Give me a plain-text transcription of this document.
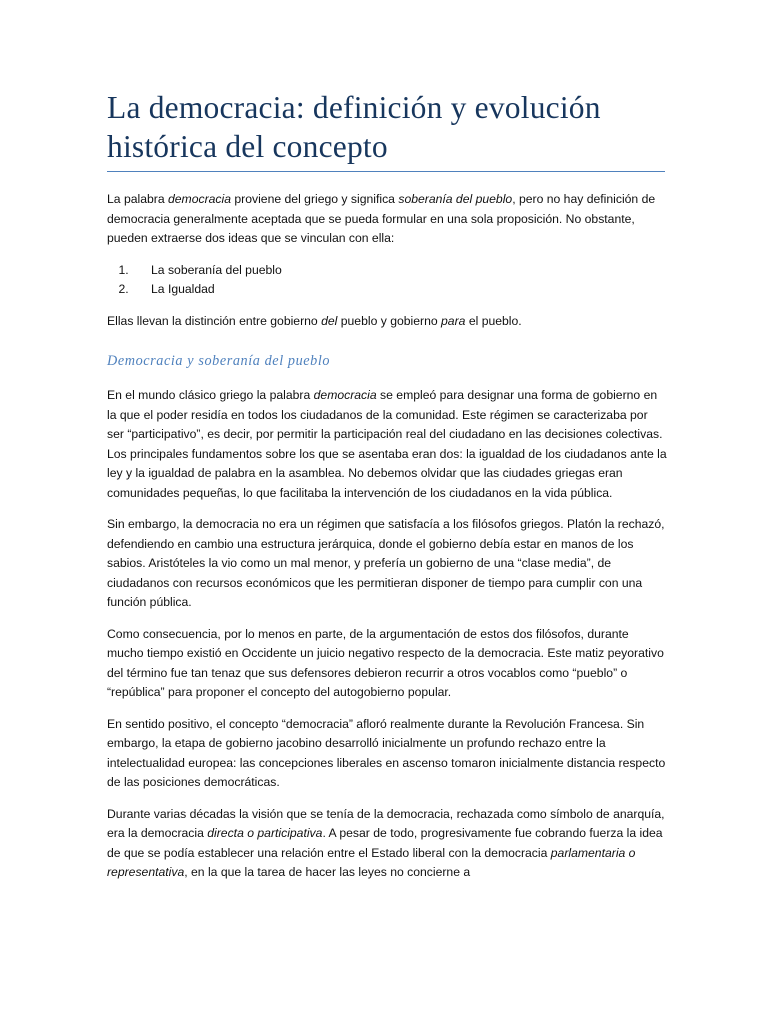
La democracia: definición y evolución histórica del concepto

La palabra democracia proviene del griego y significa soberanía del pueblo, pero no hay definición de democracia generalmente aceptada que se pueda formular en una sola proposición. No obstante, pueden extraerse dos ideas que se vinculan con ella:

1. La soberanía del pueblo
2. La Igualdad

Ellas llevan la distinción entre gobierno del pueblo y gobierno para el pueblo.

Democracia y soberanía del pueblo

En el mundo clásico griego la palabra democracia se empleó para designar una forma de gobierno en la que el poder residía en todos los ciudadanos de la comunidad. Este régimen se caracterizaba por ser “participativo”, es decir, por permitir la participación real del ciudadano en las decisiones colectivas. Los principales fundamentos sobre los que se asentaba eran dos: la igualdad de los ciudadanos ante la ley y la igualdad de palabra en la asamblea. No debemos olvidar que las ciudades griegas eran comunidades pequeñas, lo que facilitaba la intervención de los ciudadanos en la vida pública.

Sin embargo, la democracia no era un régimen que satisfacía a los filósofos griegos. Platón la rechazó, defendiendo en cambio una estructura jerárquica, donde el gobierno debía estar en manos de los sabios. Aristóteles la vio como un mal menor, y prefería un gobierno de una “clase media”, de ciudadanos con recursos económicos que les permitieran disponer de tiempo para cumplir con una función pública.

Como consecuencia, por lo menos en parte, de la argumentación de estos dos filósofos, durante mucho tiempo existió en Occidente un juicio negativo respecto de la democracia. Este matiz peyorativo del término fue tan tenaz que sus defensores debieron recurrir a otros vocablos como “pueblo” o “república” para proponer el concepto del autogobierno popular.

En sentido positivo, el concepto “democracia” afloró realmente durante la Revolución Francesa. Sin embargo, la etapa de gobierno jacobino desarrolló inicialmente un profundo rechazo entre la intelectualidad europea: las concepciones liberales en ascenso tomaron inicialmente distancia respecto de las posiciones democráticas.

Durante varias décadas la visión que se tenía de la democracia, rechazada como símbolo de anarquía, era la democracia directa o participativa. A pesar de todo, progresivamente fue cobrando fuerza la idea de que se podía establecer una relación entre el Estado liberal con la democracia parlamentaria o representativa, en la que la tarea de hacer las leyes no concierne a
